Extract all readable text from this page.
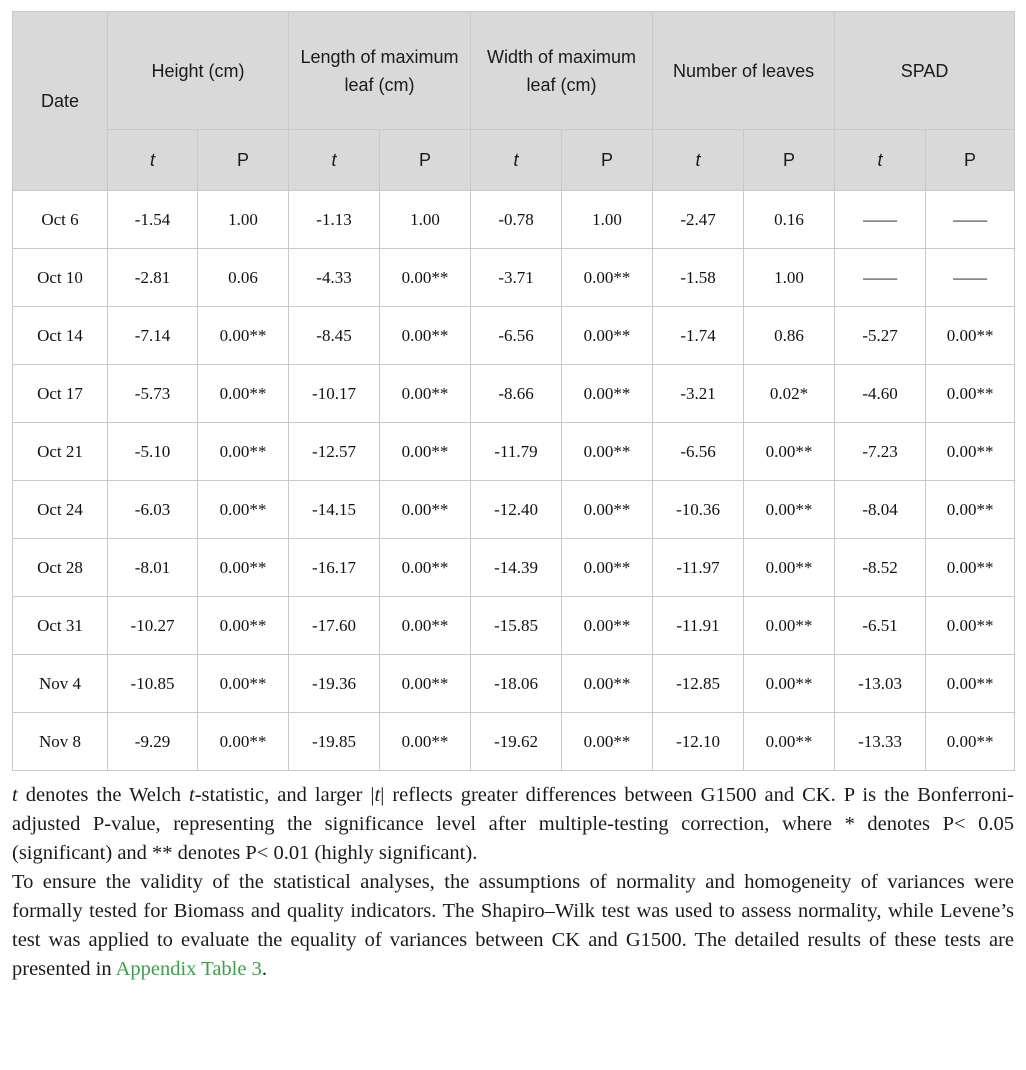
Date	Height (cm)		Length of maximum leaf (cm)		Width of maximum leaf (cm)		Number of leaves		SPAD	
	t	P	t	P	t	P	t	P	t	P
Oct 6	-1.54	1.00	-1.13	1.00	-0.78	1.00	-2.47	0.16	——	——
Oct 10	-2.81	0.06	-4.33	0.00**	-3.71	0.00**	-1.58	1.00	——	——
Oct 14	-7.14	0.00**	-8.45	0.00**	-6.56	0.00**	-1.74	0.86	-5.27	0.00**
Oct 17	-5.73	0.00**	-10.17	0.00**	-8.66	0.00**	-3.21	0.02*	-4.60	0.00**
Oct 21	-5.10	0.00**	-12.57	0.00**	-11.79	0.00**	-6.56	0.00**	-7.23	0.00**
Oct 24	-6.03	0.00**	-14.15	0.00**	-12.40	0.00**	-10.36	0.00**	-8.04	0.00**
Oct 28	-8.01	0.00**	-16.17	0.00**	-14.39	0.00**	-11.97	0.00**	-8.52	0.00**
Oct 31	-10.27	0.00**	-17.60	0.00**	-15.85	0.00**	-11.91	0.00**	-6.51	0.00**
Nov 4	-10.85	0.00**	-19.36	0.00**	-18.06	0.00**	-12.85	0.00**	-13.03	0.00**
Nov 8	-9.29	0.00**	-19.85	0.00**	-19.62	0.00**	-12.10	0.00**	-13.33	0.00**

t denotes the Welch t-statistic, and larger |t| reflects greater differences between G1500 and CK. P is the Bonferroni-adjusted P-value, representing the significance level after multiple-testing correction, where * denotes P< 0.05 (significant) and ** denotes P< 0.01 (highly significant).

To ensure the validity of the statistical analyses, the assumptions of normality and homogeneity of variances were formally tested for Biomass and quality indicators. The Shapiro–Wilk test was used to assess normality, while Levene’s test was applied to evaluate the equality of variances between CK and G1500. The detailed results of these tests are presented in Appendix Table 3.
